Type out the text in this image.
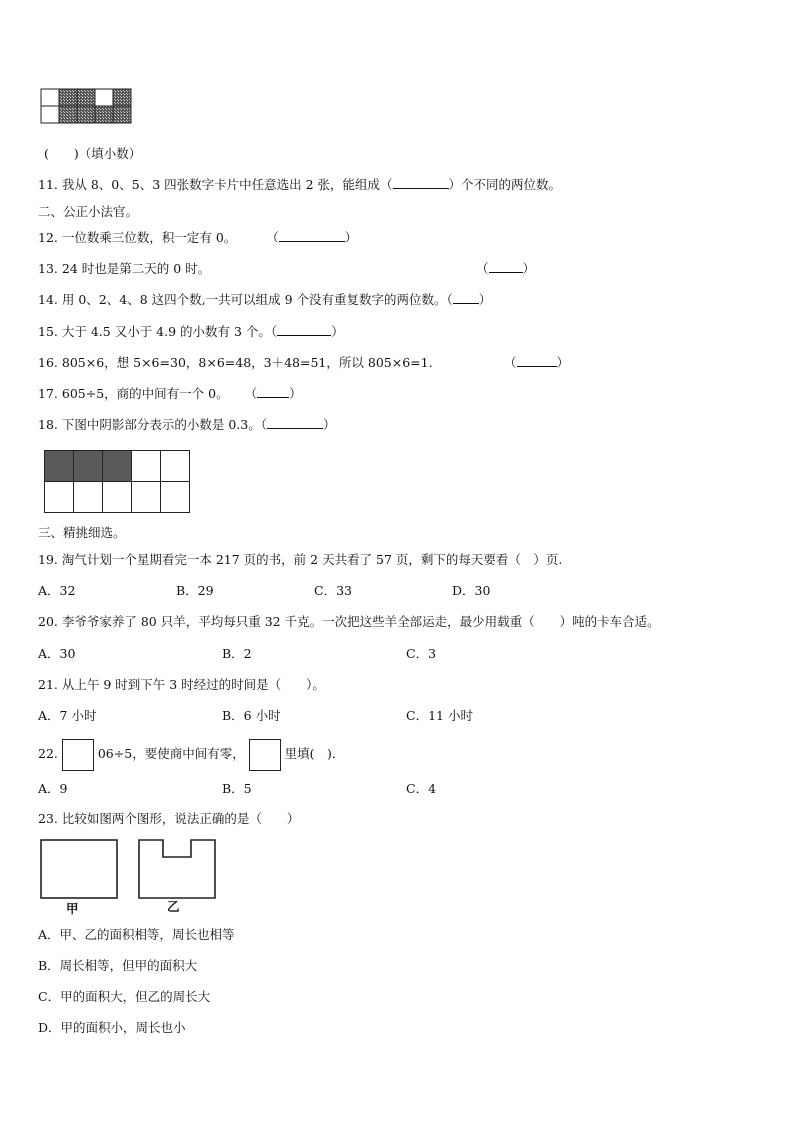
(　　)（填小数）
11. 我从 8、0、5、3 四张数字卡片中任意选出 2 张，能组成（	）个不同的两位数。
二、公正小法官。
12. 一位数乘三位数，积一定有 0。 （	）
13. 24 时也是第二天的 0 时。	（	）
14. 用 0、2、4、8 这四个数,一共可以组成 9 个没有重复数字的两位数。（ ）
15. 大于 4.5 又小于 4.9 的小数有 3 个。（	）
16. 805×6，想 5×6=30，8×6=48，3＋48=51，所以 805×6=1.	（	）
17. 605÷5，商的中间有一个 0。 （	）
18. 下图中阴影部分表示的小数是 0.3。（	）

三、精挑细选。
19. 淘气计划一个星期看完一本 217 页的书，前 2 天共看了 57 页，剩下的每天要看（　）页.
A．32	B．29	C．33	D．30
20. 李爷爷家养了 80 只羊，平均每只重 32 千克。一次把这些羊全部运走，最少用载重（　　）吨的卡车合适。
A．30	B．2	C．3
21. 从上午 9 时到下午 3 时经过的时间是（　　）。
A．7 小时	B．6 小时	C．11 小时
22.	06÷5，要使商中间有零，	里填(　)．
A．9	B．5	C．4
23. 比较如图两个图形，说法正确的是（　　）
甲	乙
A．甲、乙的面积相等，周长也相等
B．周长相等，但甲的面积大
C．甲的面积大，但乙的周长大
D．甲的面积小，周长也小
